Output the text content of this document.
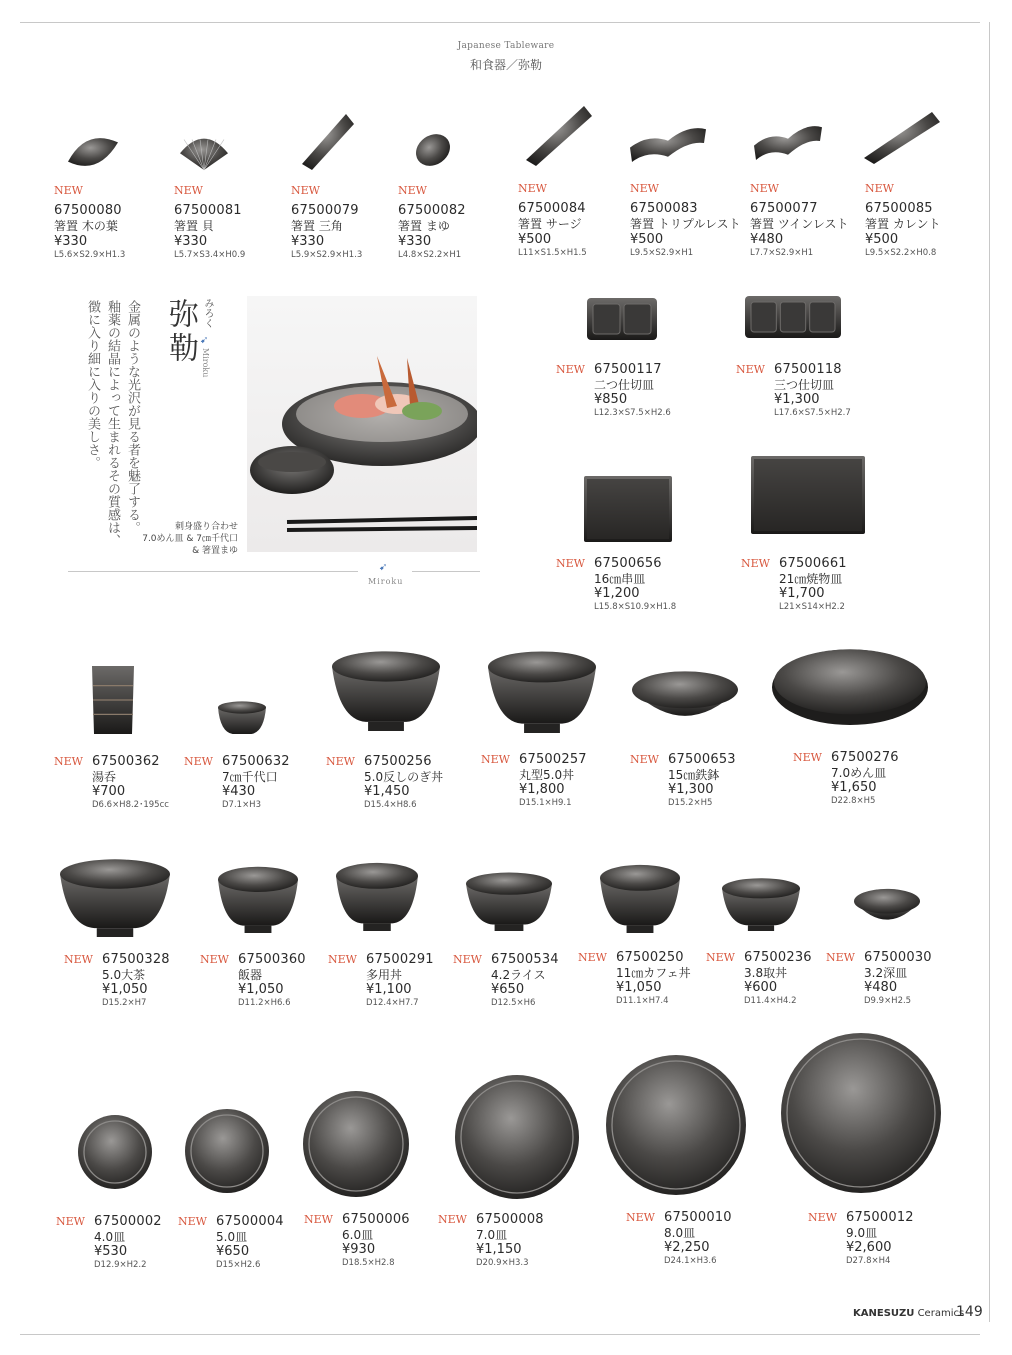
Japanese Tableware
和食器／弥勒
徴に入り細に入りの美しさ。 釉薬の結晶によって生まれるその質感は、 金属のような光沢が見る者を魅了する。 弥勒 みろく
➹
Miroku
刺身盛り合わせ
7.0めん皿 & 7㎝千代口
& 箸置まゆ
➹
Miroku
NEW
67500080
箸置 木の葉
¥330
L5.6×S2.9×H1.3
NEW
67500081
箸置 貝
¥330
L5.7×S3.4×H0.9
NEW
67500079
箸置 三角
¥330
L5.9×S2.9×H1.3
NEW
67500082
箸置 まゆ
¥330
L4.8×S2.2×H1
NEW
67500084
箸置 サージ
¥500
L11×S1.5×H1.5
NEW
67500083
箸置 トリプルレスト
¥500
L9.5×S2.9×H1
NEW
67500077
箸置 ツインレスト
¥480
L7.7×S2.9×H1
NEW
67500085
箸置 カレント
¥500
L9.5×S2.2×H0.8
NEW 67500117
二つ仕切皿
¥850
L12.3×S7.5×H2.6
NEW 67500118
三つ仕切皿
¥1,300
L17.6×S7.5×H2.7
NEW 67500656
16㎝串皿
¥1,200
L15.8×S10.9×H1.8
NEW 67500661
21㎝焼物皿
¥1,700
L21×S14×H2.2
NEW 67500362
湯呑
¥700
D6.6×H8.2･195cc
NEW 67500632
7㎝千代口
¥430
D7.1×H3
NEW 67500256
5.0反しのぎ丼
¥1,450
D15.4×H8.6
NEW 67500257
丸型5.0丼
¥1,800
D15.1×H9.1
NEW 67500653
15㎝鉄鉢
¥1,300
D15.2×H5
NEW 67500276
7.0めん皿
¥1,650
D22.8×H5
NEW 67500328
5.0大茶
¥1,050
D15.2×H7
NEW 67500360
飯器
¥1,050
D11.2×H6.6
NEW 67500291
多用丼
¥1,100
D12.4×H7.7
NEW 67500534
4.2ライス
¥650
D12.5×H6
NEW 67500250
11㎝カフェ丼
¥1,050
D11.1×H7.4
NEW 67500236
3.8取丼
¥600
D11.4×H4.2
NEW 67500030
3.2深皿
¥480
D9.9×H2.5
NEW 67500002
4.0皿
¥530
D12.9×H2.2
NEW 67500004
5.0皿
¥650
D15×H2.6
NEW 67500006
6.0皿
¥930
D18.5×H2.8
NEW 67500008
7.0皿
¥1,150
D20.9×H3.3
NEW 67500010
8.0皿
¥2,250
D24.1×H3.6
NEW 67500012
9.0皿
¥2,600
D27.8×H4
KANESUZU Ceramics
149
